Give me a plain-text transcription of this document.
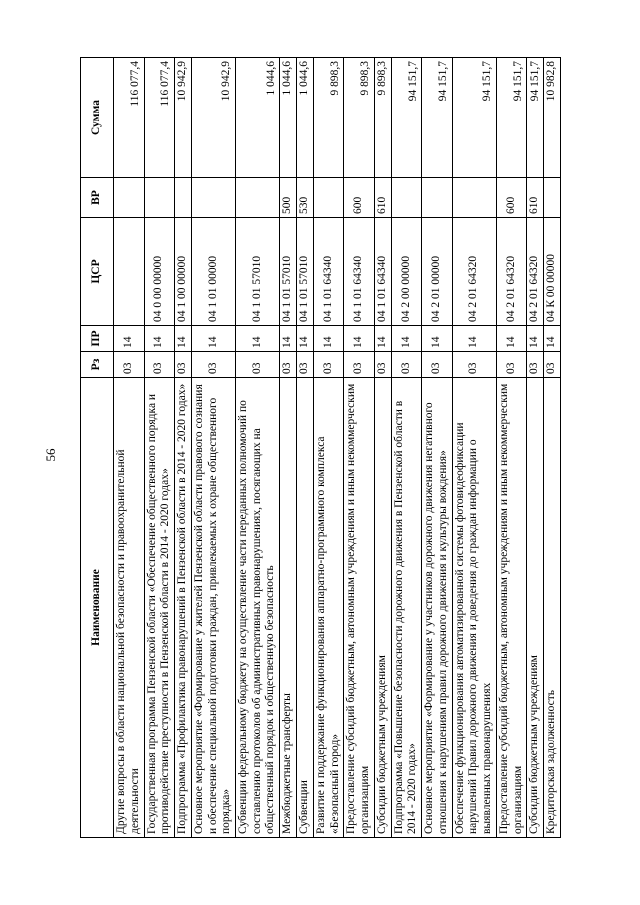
56
Наименование	Рз	ПР	ЦСР	ВР	Сумма
Другие вопросы в области национальной безопасности и правоохранительной деятельности	03	14			116 077,4
Государственная программа Пензенской области «Обеспечение общественного порядка и противодействие преступности в Пензенской области в 2014 - 2020 годах»	03	14	04 0 00 00000		116 077,4
Подпрограмма «Профилактика правонарушений в Пензенской области в 2014 - 2020 годах»	03	14	04 1 00 00000		10 942,9
Основное мероприятие «Формирование у жителей Пензенской области правового сознания и обеспечение специальной подготовки граждан, привлекаемых к охране общественного порядка»	03	14	04 1 01 00000		10 942,9
Субвенции федеральному бюджету на осуществление части переданных полномочий по составлению протоколов об административных правонарушениях, посягающих на общественный порядок и общественную безопасность	03	14	04 1 01 57010		1 044,6
Межбюджетные трансферты	03	14	04 1 01 57010	500	1 044,6
Субвенции	03	14	04 1 01 57010	530	1 044,6
Развитие и поддержание функционирования аппаратно-программного комплекса «Безопасный город»	03	14	04 1 01 64340		9 898,3
Предоставление субсидий бюджетным, автономным учреждениям и иным некоммерческим организациям	03	14	04 1 01 64340	600	9 898,3
Субсидии бюджетным учреждениям	03	14	04 1 01 64340	610	9 898,3
Подпрограмма «Повышение безопасности дорожного движения в Пензенской области в 2014 - 2020 годах»	03	14	04 2 00 00000		94 151,7
Основное мероприятие «Формирование у участников дорожного движения негативного отношения к нарушениям правил дорожного движения и культуры вождения»	03	14	04 2 01 00000		94 151,7
Обеспечение функционирования автоматизированной системы фотовидеофиксации нарушений Правил дорожного движения и доведения до граждан информации о выявленных правонарушениях	03	14	04 2 01 64320		94 151,7
Предоставление субсидий бюджетным, автономным учреждениям и иным некоммерческим организациям	03	14	04 2 01 64320	600	94 151,7
Субсидии бюджетным учреждениям	03	14	04 2 01 64320	610	94 151,7
Кредиторская задолженность	03	14	04 К 00 00000		10 982,8
